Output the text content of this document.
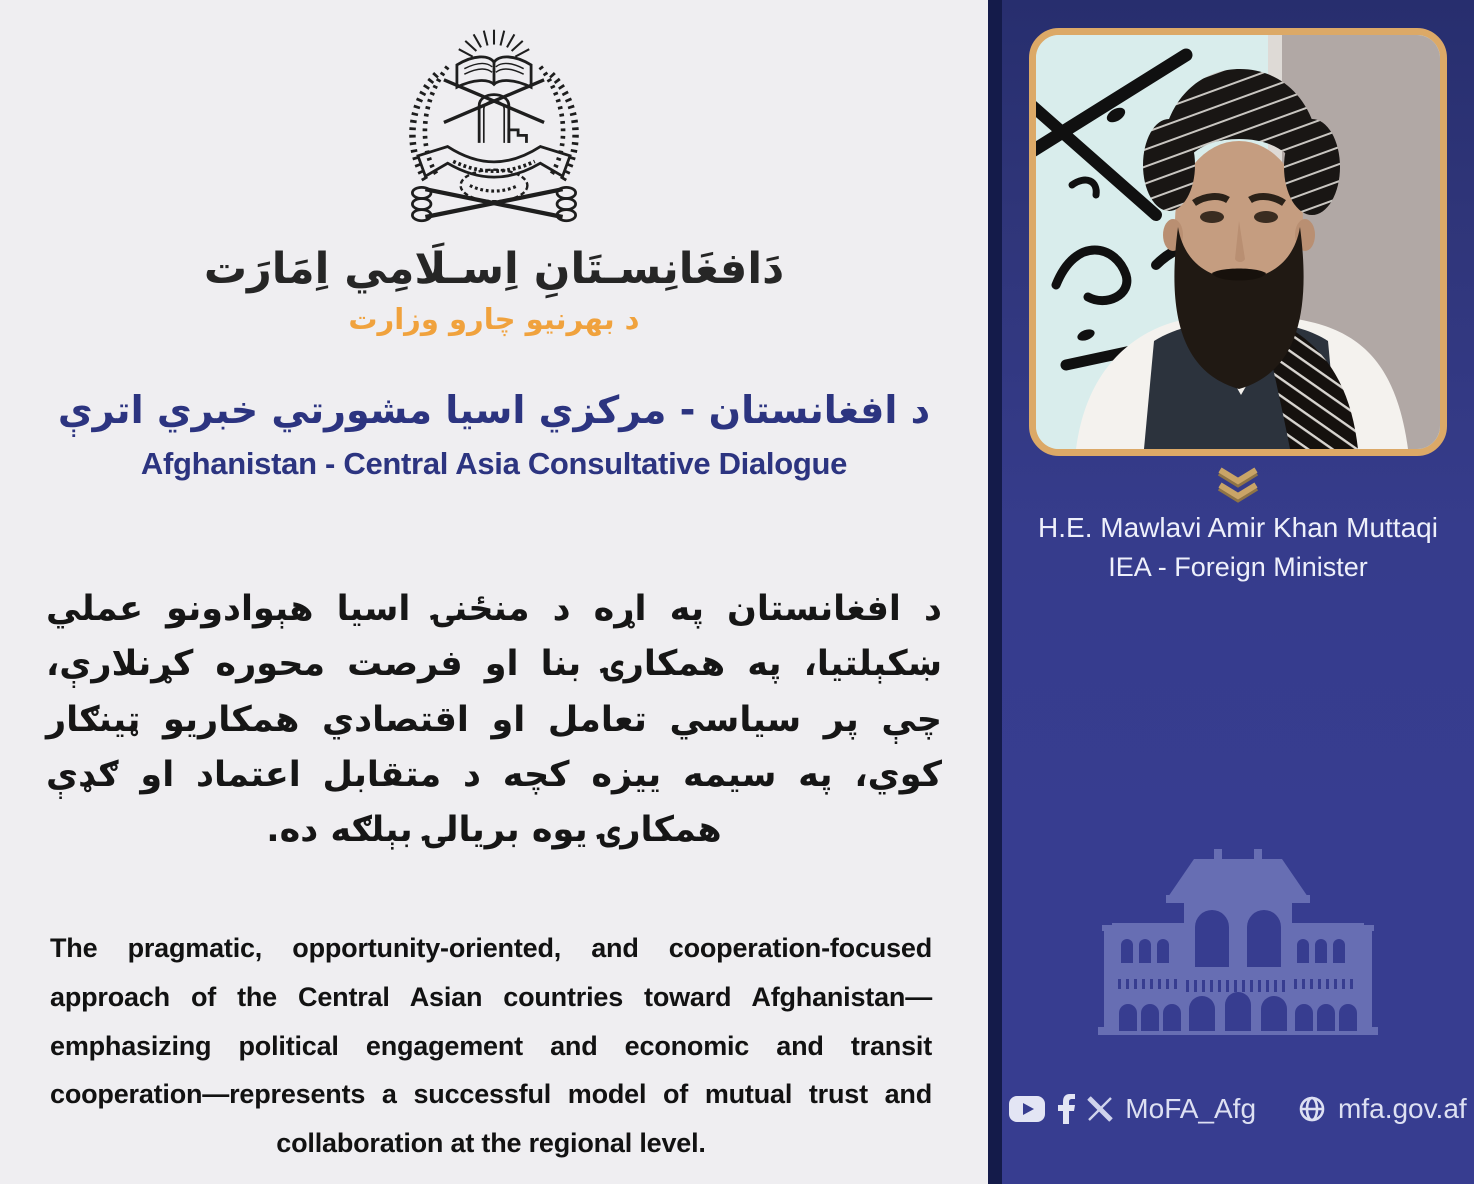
دَافغَانِسـتَانِ اِسـلَامِي اِمَارَت
د بهرنیو چارو وزارت
د افغانستان - مرکزي اسیا مشورتي خبري اترې
Afghanistan - Central Asia Consultative Dialogue
د افغانستان په اړه د منځنۍ اسیا هېوادونو عملي ښکېلتیا، په همکارۍ بنا او فرصت محوره کړنلارې، چې پر سیاسي تعامل او اقتصادي همکاریو ټینګار کوي، په سیمه ییزه کچه د متقابل اعتماد او ګډې همکارۍ یوه بریالۍ بېلګه ده.
The pragmatic, opportunity-oriented, and cooperation-focused approach of the Central Asian countries toward Afghanistan—emphasizing political engagement and economic and transit cooperation—represents a successful model of mutual trust and collaboration at the regional level.
H.E. Mawlavi Amir Khan Muttaqi
IEA - Foreign Minister
MoFA_Afg	mfa.gov.af
